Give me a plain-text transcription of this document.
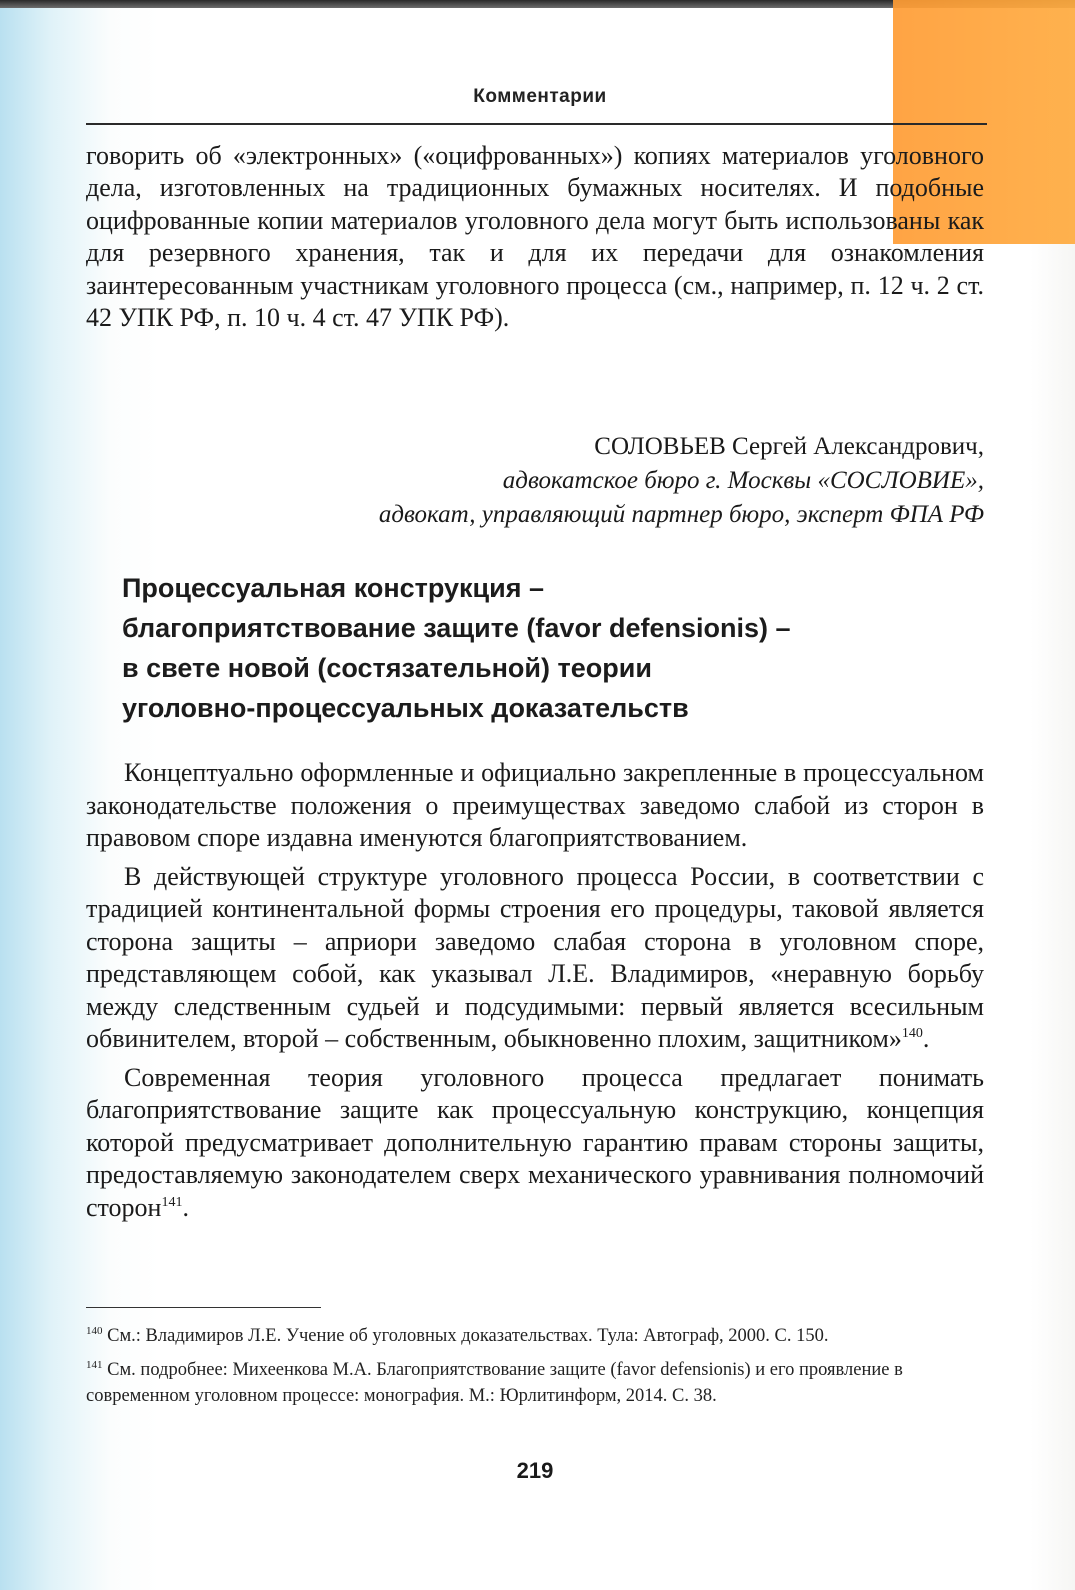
Комментарии

говорить об «электронных» («оцифрованных») копиях материалов уголовного дела, изготовленных на традиционных бумажных носителях. И подобные оцифрованные копии материалов уголовного дела могут быть использованы как для резервного хранения, так и для их передачи для ознакомления заинтересованным участникам уголовного процесса (см., например, п. 12 ч. 2 ст. 42 УПК РФ, п. 10 ч. 4 ст. 47 УПК РФ).

СОЛОВЬЕВ Сергей Александрович,
адвокатское бюро г. Москвы «СОСЛОВИЕ»,
адвокат, управляющий партнер бюро, эксперт ФПА РФ
Процессуальная конструкция –
благоприятствование защите (favor defensionis) –
в свете новой (состязательной) теории
уголовно-процессуальных доказательств

Концептуально оформленные и официально закрепленные в процессуальном законодательстве положения о преимуществах заведомо слабой из сторон в правовом споре издавна именуются благоприятствованием.

В действующей структуре уголовного процесса России, в соответствии с традицией континентальной формы строения его процедуры, таковой является сторона защиты – априори заведомо слабая сторона в уголовном споре, представляющем собой, как указывал Л.Е. Владимиров, «неравную борьбу между следственным судьей и подсудимыми: первый является всесильным обвинителем, второй – собственным, обыкновенно плохим, защитником»$^{140}$.

Современная теория уголовного процесса предлагает понимать благоприятствование защите как процессуальную конструкцию, концепция которой предусматривает дополнительную гарантию правам стороны защиты, предоставляемую законодателем сверх механического уравнивания полномочий сторон$^{141}$.

$^{140}$ См.: Владимиров Л.Е. Учение об уголовных доказательствах. Тула: Автограф, 2000. С. 150.

$^{141}$ См. подробнее: Михеенкова М.А. Благоприятствование защите (favor defensionis) и его проявление в современном уголовном процессе: монография. М.: Юрлитинформ, 2014. С. 38.

219
